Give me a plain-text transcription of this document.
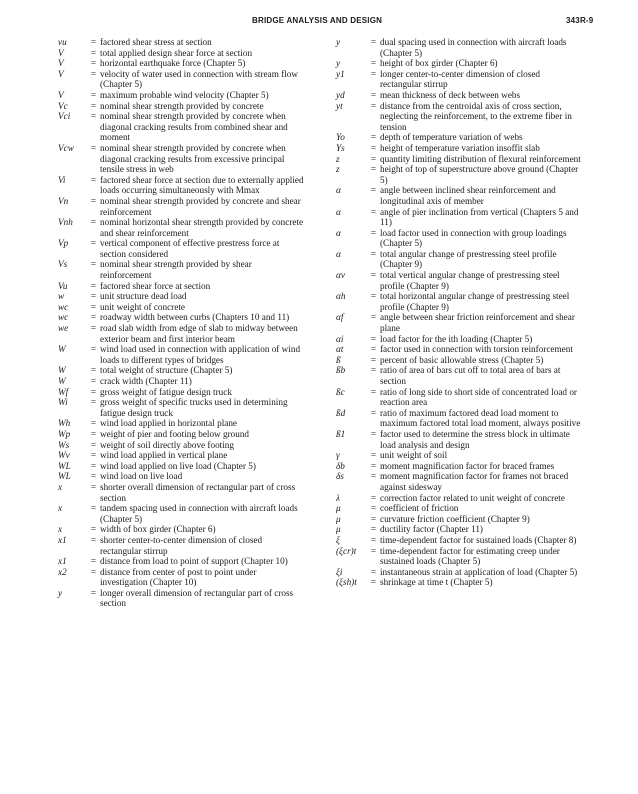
BRIDGE ANALYSIS AND DESIGN	343R-9
vu	= factored shear stress at section
V	= total applied design shear force at section
V	= horizontal earthquake force (Chapter 5)
V	= velocity of water used in connection with stream flow (Chapter 5)
V	= maximum probable wind velocity (Chapter 5)
Vc	= nominal shear strength provided by concrete
Vci	= nominal shear strength provided by concrete when diagonal cracking results from combined shear and moment
Vcw	= nominal shear strength provided by concrete when diagonal cracking results from excessive principal tensile stress in web
Vi	= factored shear force at section due to externally applied loads occurring simultaneously with Mmax
Vn	= nominal shear strength provided by concrete and shear reinforcement
Vnh	= nominal horizontal shear strength provided by concrete and shear reinforcement
Vp	= vertical component of effective prestress force at section considered
Vs	= nominal shear strength provided by shear reinforcement
Vu	= factored shear force at section
w	= unit structure dead load
wc	= unit weight of concrete
wc	= roadway width between curbs (Chapters 10 and 11)
we	= road slab width from edge of slab to midway between exterior beam and first interior beam
W	= wind load used in connection with application of wind loads to different types of bridges
W	= total weight of structure (Chapter 5)
W	= crack width (Chapter 11)
Wf	= gross weight of fatigue design truck
Wi	= gross weight of specific trucks used in determining fatigue design truck
Wh	= wind load applied in horizontal plane
Wp	= weight of pier and footing below ground
Ws	= weight of soil directly above footing
Wv	= wind load applied in vertical plane
WL	= wind load applied on live load (Chapter 5)
WL	= wind load on live load
x	= shorter overall dimension of rectangular part of cross section
x	= tandem spacing used in connection with aircraft loads (Chapter 5)
x	= width of box girder (Chapter 6)
x1	= shorter center-to-center dimension of closed rectangular stirrup
x1	= distance from load to point of support (Chapter 10)
x2	= distance from center of post to point under investigation (Chapter 10)
y	= longer overall dimension of rectangular part of cross section
y	= dual spacing used in connection with aircraft loads (Chapter 5)
y	= height of box girder (Chapter 6)
y1	= longer center-to-center dimension of closed rectangular stirrup
yd	= mean thickness of deck between webs
yt	= distance from the centroidal axis of cross section, neglecting the reinforcement, to the extreme fiber in tension
Yo	= depth of temperature variation of webs
Ys	= height of temperature variation insoffit slab
z	= quantity limiting distribution of flexural reinforcement
z	= height of top of superstructure above ground (Chapter 5)
α	= angle between inclined shear reinforcement and longitudinal axis of member
α	= angle of pier inclination from vertical (Chapters 5 and 11)
α	= load factor used in connection with group loadings (Chapter 5)
α	= total angular change of prestressing steel profile (Chapter 9)
αv	= total vertical angular change of prestressing steel profile (Chapter 9)
αh	= total horizontal angular change of prestressing steel profile (Chapter 9)
αf	= angle between shear friction reinforcement and shear plane
αi	= load factor for the ith loading (Chapter 5)
αt	= factor used in connection with torsion reinforcement
ß	= percent of basic allowable stress (Chapter 5)
ßb	= ratio of area of bars cut off to total area of bars at section
ßc	= ratio of long side to short side of concentrated load or reaction area
ßd	= ratio of maximum factored dead load moment to maximum factored total load moment, always positive
ß1	= factor used to determine the stress block in ultimate load analysis and design
γ	= unit weight of soil
δb	= moment magnification factor for braced frames
δs	= moment magnification factor for frames not braced against sidesway
λ	= correction factor related to unit weight of concrete
μ	= coefficient of friction
μ	= curvature friction coefficient (Chapter 9)
μ	= ductility factor (Chapter 11)
ξ	= time-dependent factor for sustained loads (Chapter 8)
(ξcr)t	= time-dependent factor for estimating creep under sustained loads (Chapter 5)
ξi	= instantaneous strain at application of load (Chapter 5)
(ξsh)t	= shrinkage at time t (Chapter 5)
